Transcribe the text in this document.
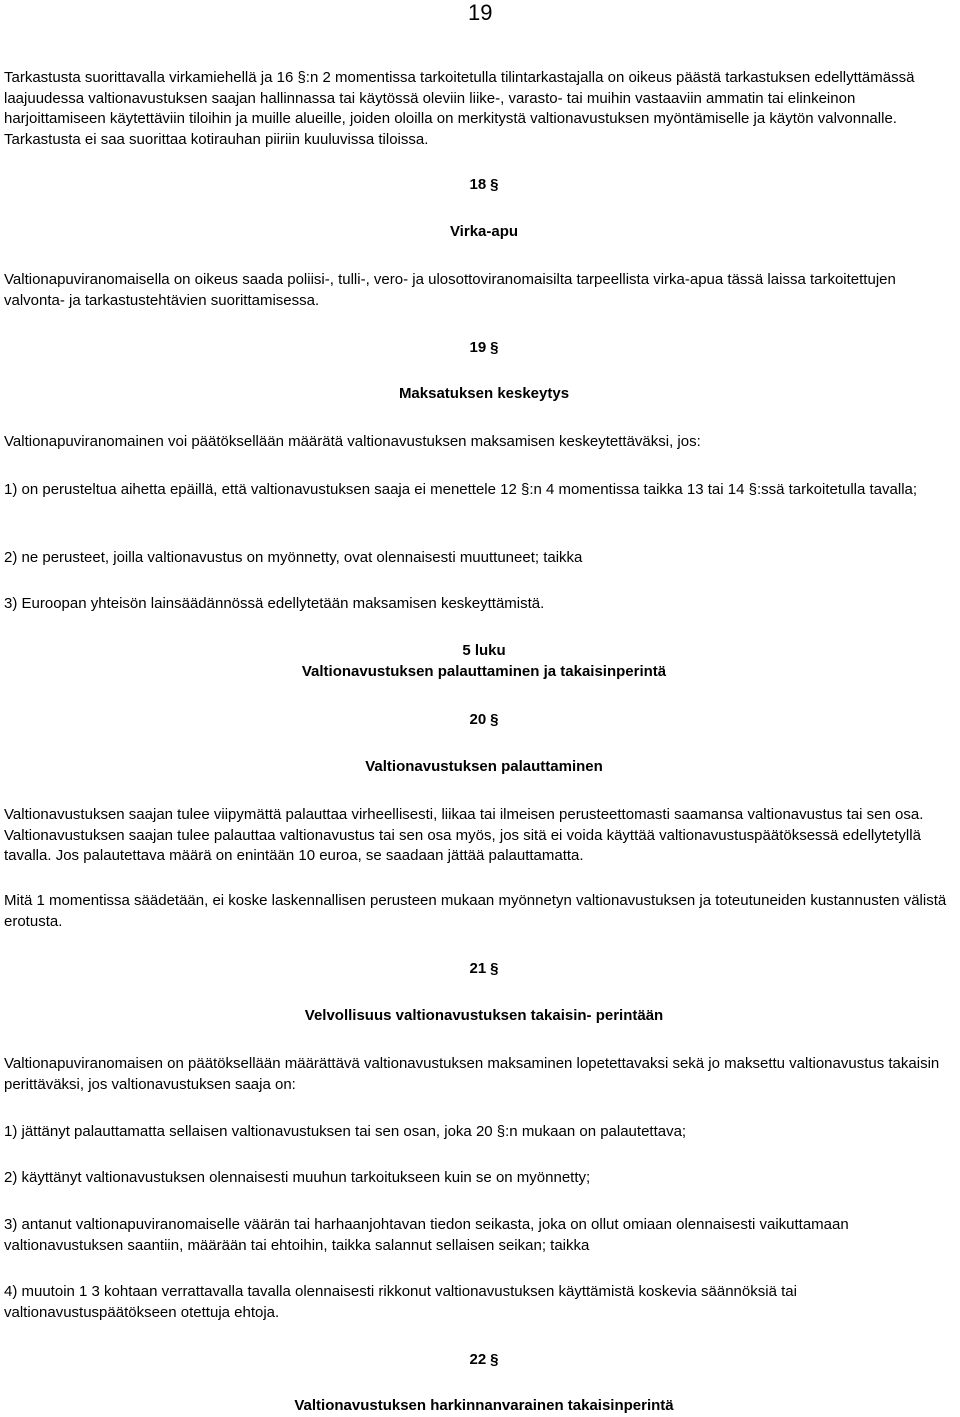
19

Tarkastusta suorittavalla virkamiehellä ja 16 §:n 2 momentissa tarkoitetulla tilintarkastajalla on oikeus päästä tarkastuksen edellyttämässä laajuudessa valtionavustuksen saajan hallinnassa tai käytössä oleviin liike-, varasto- tai muihin vastaaviin ammatin tai elinkeinon harjoittamiseen käytettäviin tiloihin ja muille alueille, joiden oloilla on merkitystä valtionavustuksen myöntämiselle ja käytön valvonnalle. Tarkastusta ei saa suorittaa kotirauhan piiriin kuuluvissa tiloissa.

18 §
Virka-apu

Valtionapuviranomaisella on oikeus saada poliisi-, tulli-, vero- ja ulosottoviranomaisilta tarpeellista virka-apua tässä laissa tarkoitettujen valvonta- ja tarkastustehtävien suorittamisessa.

19 §
Maksatuksen keskeytys

Valtionapuviranomainen voi päätöksellään määrätä valtionavustuksen maksamisen keskeytettäväksi, jos:

1) on perusteltua aihetta epäillä, että valtionavustuksen saaja ei menettele 12 §:n 4 momentissa taikka 13 tai 14 §:ssä tarkoitetulla tavalla;

2) ne perusteet, joilla valtionavustus on myönnetty, ovat olennaisesti muuttuneet; taikka

3) Euroopan yhteisön lainsäädännössä edellytetään maksamisen keskeyttämistä.

5 luku
Valtionavustuksen palauttaminen ja takaisinperintä
20 §
Valtionavustuksen palauttaminen

Valtionavustuksen saajan tulee viipymättä palauttaa virheellisesti, liikaa tai ilmeisen perusteettomasti saamansa valtionavustus tai sen osa. Valtionavustuksen saajan tulee palauttaa valtionavustus tai sen osa myös, jos sitä ei voida käyttää valtionavustuspäätöksessä edellytetyllä tavalla. Jos palautettava määrä on enintään 10 euroa, se saadaan jättää palauttamatta.

Mitä 1 momentissa säädetään, ei koske laskennallisen perusteen mukaan myönnetyn valtionavustuksen ja toteutuneiden kustannusten välistä erotusta.

21 §
Velvollisuus valtionavustuksen takaisin- perintään

Valtionapuviranomaisen on päätöksellään määrättävä valtionavustuksen maksaminen lopetettavaksi sekä jo maksettu valtionavustus takaisin perittäväksi, jos valtionavustuksen saaja on:

1) jättänyt palauttamatta sellaisen valtionavustuksen tai sen osan, joka 20 §:n mukaan on palautettava;

2) käyttänyt valtionavustuksen olennaisesti muuhun tarkoitukseen kuin se on myönnetty;

3) antanut valtionapuviranomaiselle väärän tai harhaanjohtavan tiedon seikasta, joka on ollut omiaan olennaisesti vaikuttamaan valtionavustuksen saantiin, määrään tai ehtoihin, taikka salannut sellaisen seikan; taikka

4) muutoin 1 3 kohtaan verrattavalla tavalla olennaisesti rikkonut valtionavustuksen käyttämistä koskevia säännöksiä tai valtionavustuspäätökseen otettuja ehtoja.

22 §
Valtionavustuksen harkinnanvarainen takaisinperintä
